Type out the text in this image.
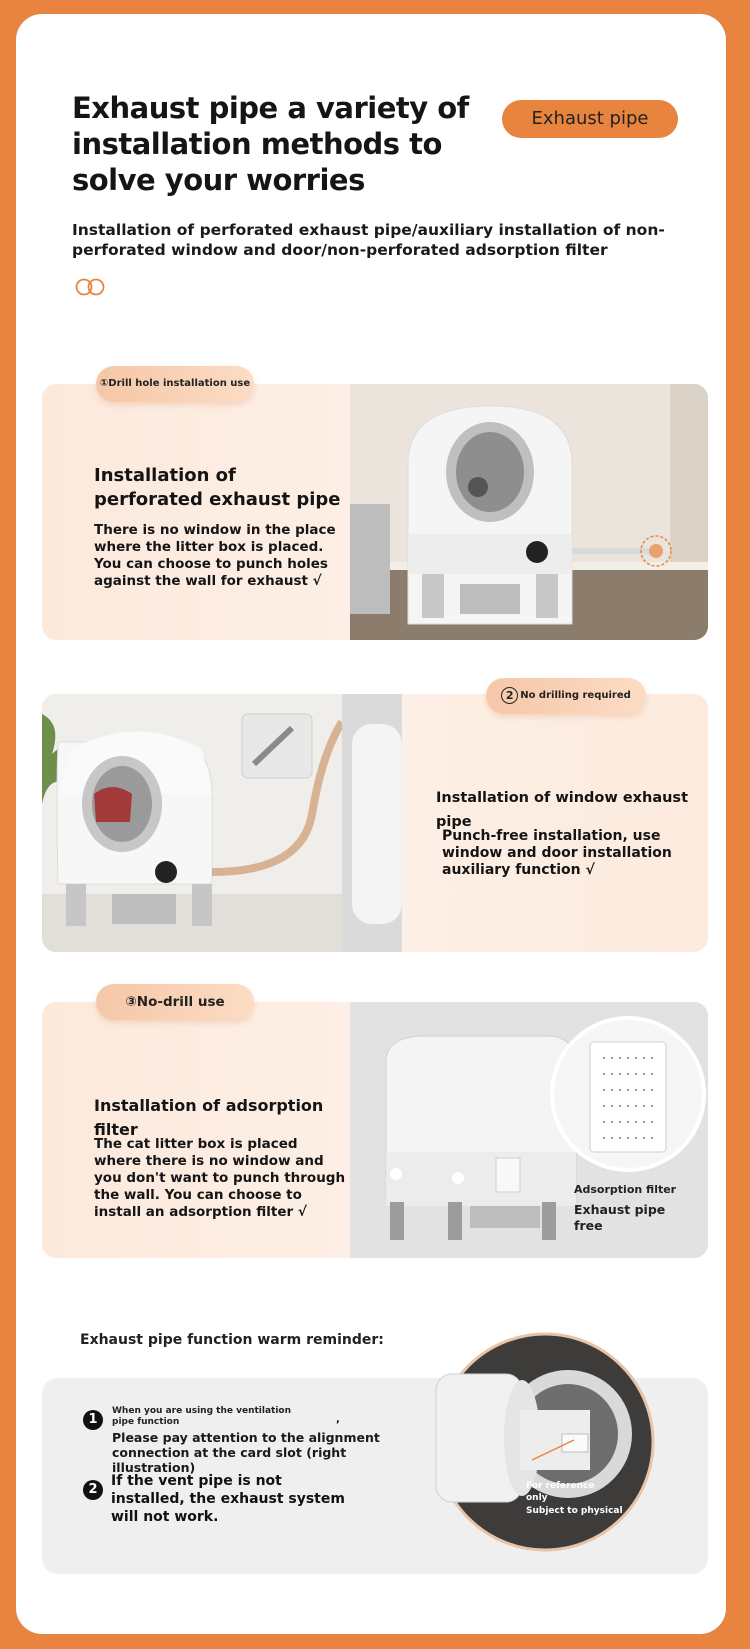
Exhaust pipe a variety of installation methods to solve your worries
Exhaust pipe
Installation of perforated exhaust pipe/auxiliary installation of non-perforated window and door/non-perforated adsorption filter
①Drill hole installation use
Installation of perforated exhaust pipe
There is no window in the place where the litter box is placed. You can choose to punch holes against the wall for exhaust √
2 No drilling required
Installation of window exhaust pipe
Punch-free installation, use window and door installation auxiliary function √
③No-drill use
Installation of adsorption filter
The cat litter box is placed where there is no window and you don't want to punch through the wall. You can choose to install an adsorption filter √
Adsorption filter
Exhaust pipe free
Exhaust pipe function warm reminder:
1
When you are using the ventilation pipe function	,
Please pay attention to the alignment connection at the card slot (right illustration)
2
If the vent pipe is not installed, the exhaust system will not work.
For reference only
Subject to physical
